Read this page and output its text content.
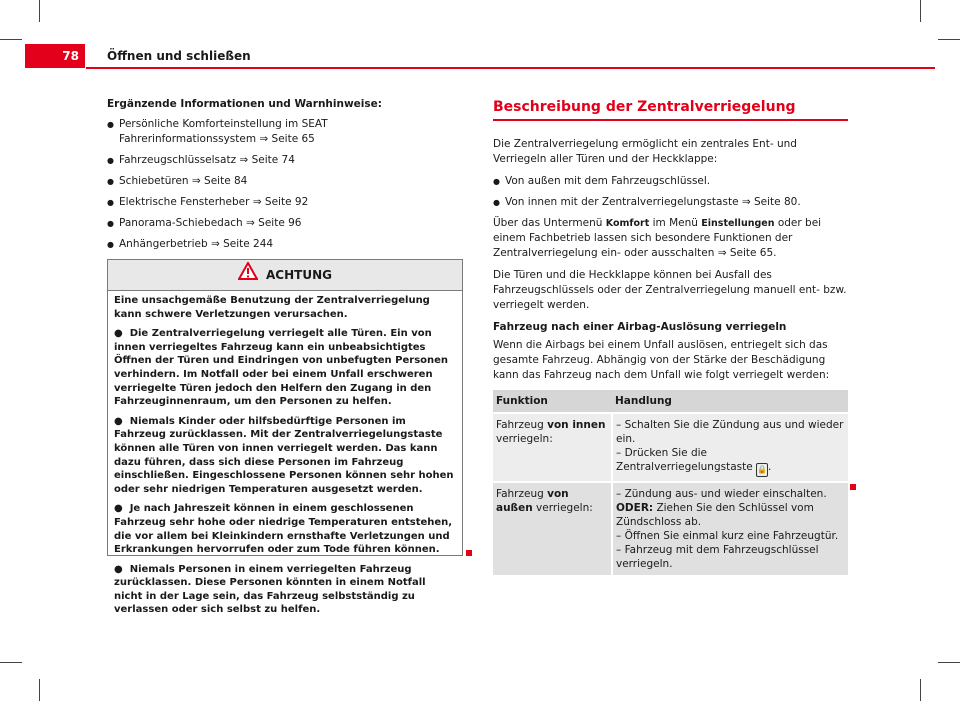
78	Öffnen und schließen
Ergänzende Informationen und Warnhinweise:
● Persönliche Komforteinstellung im SEAT Fahrerinformationssystem ⇒ Seite 65
● Fahrzeugschlüsselsatz ⇒ Seite 74
● Schiebetüren ⇒ Seite 84
● Elektrische Fensterheber ⇒ Seite 92
● Panorama-Schiebedach ⇒ Seite 96
● Anhängerbetrieb ⇒ Seite 244
●
ACHTUNG

Eine unsachgemäße Benutzung der Zentralverriegelung kann schwere Verletzungen verursachen.

●  Die Zentralverriegelung verriegelt alle Türen. Ein von innen verriegeltes Fahrzeug kann ein unbeabsichtigtes Öffnen der Türen und Eindringen von unbefugten Personen verhindern. Im Notfall oder bei einem Unfall erschweren verriegelte Türen jedoch den Helfern den Zugang in den Fahrzeuginnenraum, um den Personen zu helfen.

●  Niemals Kinder oder hilfsbedürftige Personen im Fahrzeug zurücklassen. Mit der Zentralverriegelungstaste können alle Türen von innen verriegelt werden. Das kann dazu führen, dass sich diese Personen im Fahrzeug einschließen. Eingeschlossene Personen können sehr hohen oder sehr niedrigen Temperaturen ausgesetzt werden.

●  Je nach Jahreszeit können in einem geschlossenen Fahrzeug sehr hohe oder niedrige Temperaturen entstehen, die vor allem bei Kleinkindern ernsthafte Verletzungen und Erkrankungen hervorrufen oder zum Tode führen können.

●  Niemals Personen in einem verriegelten Fahrzeug zurücklassen. Diese Personen könnten in einem Notfall nicht in der Lage sein, das Fahrzeug selbstständig zu verlassen oder sich selbst zu helfen.

Beschreibung der Zentralverriegelung

Die Zentralverriegelung ermöglicht ein zentrales Ent- und Verriegeln aller Türen und der Heckklappe:

● Von außen mit dem Fahrzeugschlüssel.
● Von innen mit der Zentralverriegelungstaste ⇒ Seite 80.

Über das Untermenü Komfort im Menü Einstellungen oder bei einem Fachbetrieb lassen sich besondere Funktionen der Zentralverriegelung ein- oder ausschalten ⇒ Seite 65.

Die Türen und die Heckklappe können bei Ausfall des Fahrzeugschlüssels oder der Zentralverriegelung manuell ent- bzw. verriegelt werden.

Fahrzeug nach einer Airbag-Auslösung verriegeln

Wenn die Airbags bei einem Unfall auslösen, entriegelt sich das gesamte Fahrzeug. Abhängig von der Stärke der Beschädigung kann das Fahrzeug nach dem Unfall wie folgt verriegelt werden:

Funktion	Handlung
Fahrzeug von innen verriegeln:	– Schalten Sie die Zündung aus und wieder ein.
– Drücken Sie die Zentralverriegelungstaste 🔒.

Fahrzeug von außen verriegeln:	– Zündung aus- und wieder einschalten.
ODER: Ziehen Sie den Schlüssel vom Zündschloss ab.
– Öffnen Sie einmal kurz eine Fahrzeugtür.
– Fahrzeug mit dem Fahrzeugschlüssel verriegeln.
